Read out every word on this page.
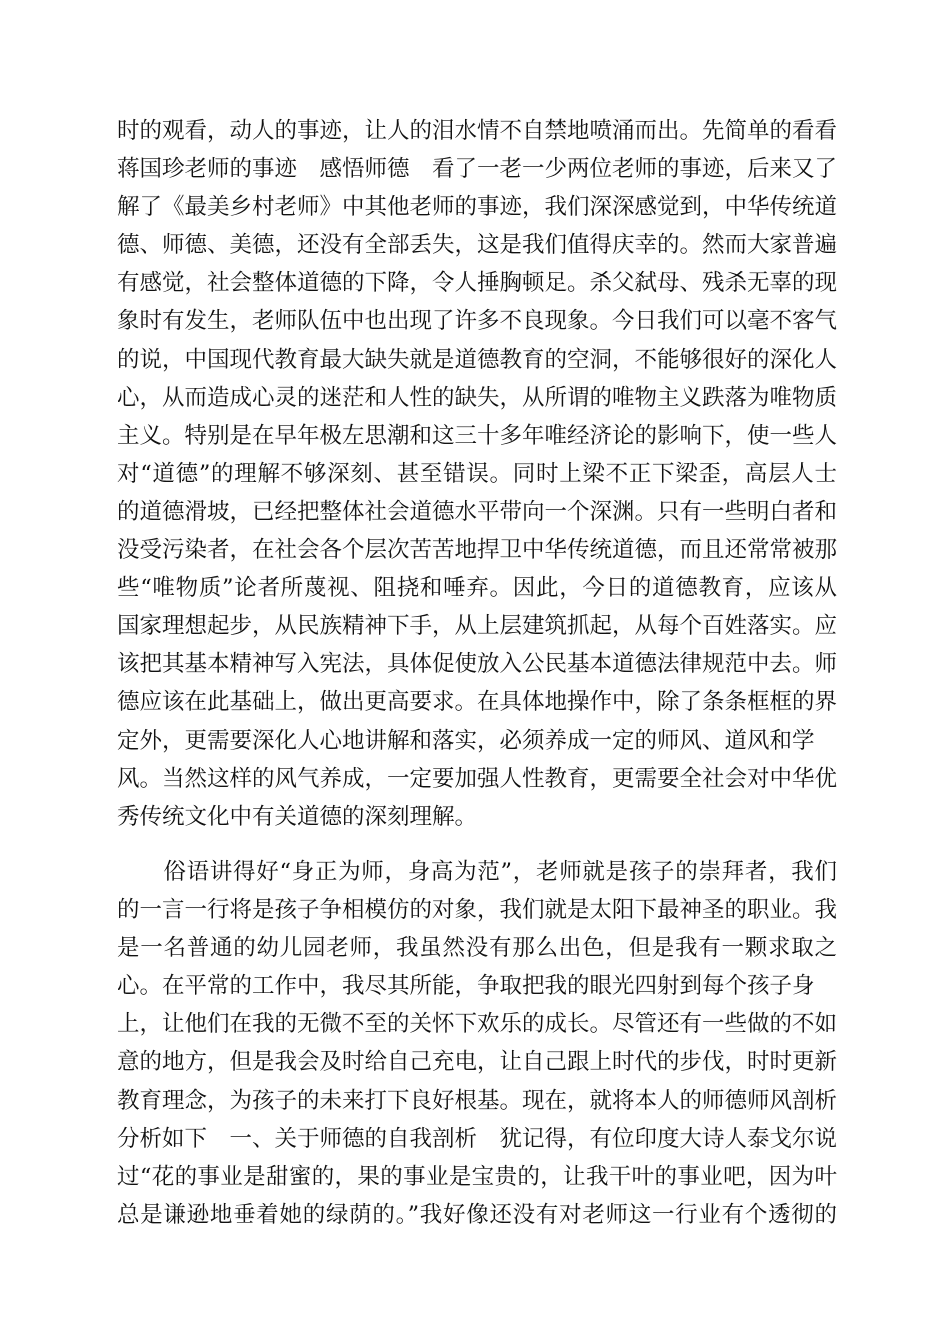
时的观看，动人的事迹，让人的泪水情不自禁地喷涌而出。先简单的看看
蒋国珍老师的事迹　感悟师德　看了一老一少两位老师的事迹，后来又了
解了《最美乡村老师》中其他老师的事迹，我们深深感觉到，中华传统道
德、师德、美德，还没有全部丢失，这是我们值得庆幸的。然而大家普遍
有感觉，社会整体道德的下降，令人捶胸顿足。杀父弑母、残杀无辜的现
象时有发生，老师队伍中也出现了许多不良现象。今日我们可以毫不客气
的说，中国现代教育最大缺失就是道德教育的空洞，不能够很好的深化人
心，从而造成心灵的迷茫和人性的缺失，从所谓的唯物主义跌落为唯物质
主义。特别是在早年极左思潮和这三十多年唯经济论的影响下，使一些人
对“道德”的理解不够深刻、甚至错误。同时上梁不正下梁歪，高层人士
的道德滑坡，已经把整体社会道德水平带向一个深渊。只有一些明白者和
没受污染者，在社会各个层次苦苦地捍卫中华传统道德，而且还常常被那
些“唯物质”论者所蔑视、阻挠和唾弃。因此，今日的道德教育，应该从
国家理想起步，从民族精神下手，从上层建筑抓起，从每个百姓落实。应
该把其基本精神写入宪法，具体促使放入公民基本道德法律规范中去。师
德应该在此基础上，做出更高要求。在具体地操作中，除了条条框框的界
定外，更需要深化人心地讲解和落实，必须养成一定的师风、道风和学
风。当然这样的风气养成，一定要加强人性教育，更需要全社会对中华优
秀传统文化中有关道德的深刻理解。
　　俗语讲得好“身正为师，身高为范”，老师就是孩子的崇拜者，我们
的一言一行将是孩子争相模仿的对象，我们就是太阳下最神圣的职业。我
是一名普通的幼儿园老师，我虽然没有那么出色，但是我有一颗求取之
心。在平常的工作中，我尽其所能，争取把我的眼光四射到每个孩子身
上，让他们在我的无微不至的关怀下欢乐的成长。尽管还有一些做的不如
意的地方，但是我会及时给自己充电，让自己跟上时代的步伐，时时更新
教育理念，为孩子的未来打下良好根基。现在，就将本人的师德师风剖析
分析如下　一、关于师德的自我剖析　犹记得，有位印度大诗人泰戈尔说
过“花的事业是甜蜜的，果的事业是宝贵的，让我干叶的事业吧，因为叶
总是谦逊地垂着她的绿荫的。”我好像还没有对老师这一行业有个透彻的
